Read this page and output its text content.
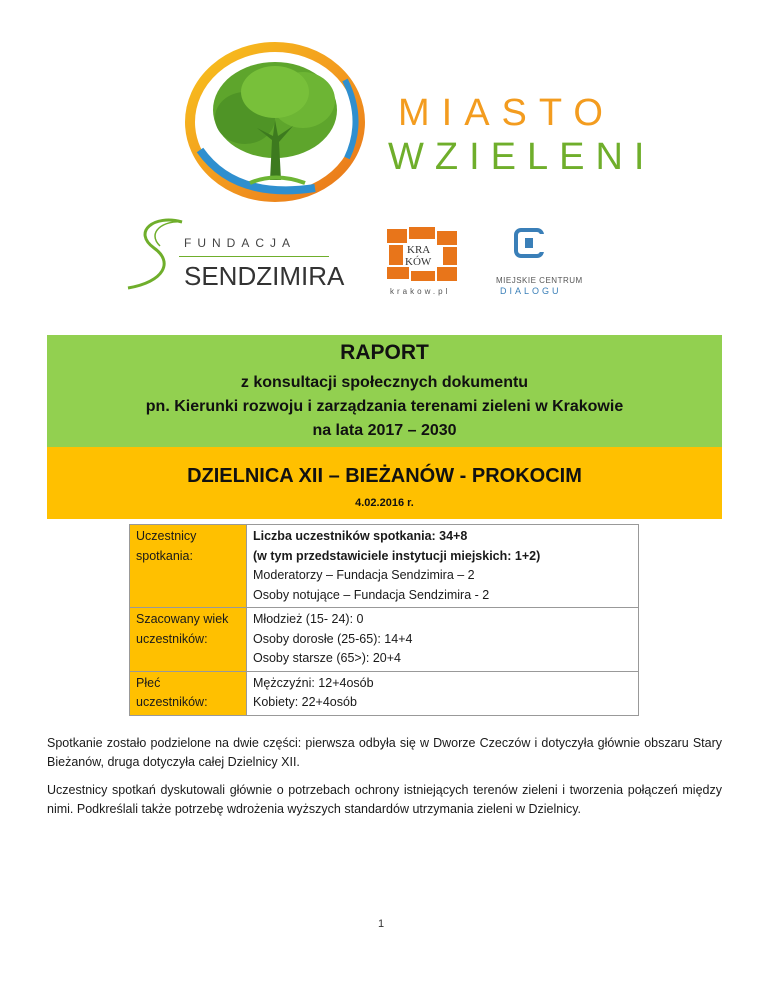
MIASTO
WZIELENI
FUNDACJA
SENDZIMIRA
KRA
KÓW
krakow.pl
MIEJSKIE CENTRUM
DIALOGU
RAPORT
z konsultacji społecznych dokumentu
pn. Kierunki rozwoju i zarządzania terenami zieleni w Krakowie
na lata 2017 – 2030
DZIELNICA XII – BIEŻANÓW - PROKOCIM
4.02.2016 r.
Uczestnicy
spotkania:	Liczba uczestników spotkania: 34+8
(w tym przedstawiciele instytucji miejskich: 1+2)
Moderatorzy – Fundacja Sendzimira – 2
Osoby notujące – Fundacja Sendzimira - 2

Szacowany wiek
uczestników:	Młodzież (15- 24): 0
Osoby dorosłe (25-65): 14+4
Osoby starsze (65>): 20+4

Płeć
uczestników:	Mężczyźni: 12+4osób
Kobiety: 22+4osób

Spotkanie zostało podzielone na dwie części: pierwsza odbyła się w Dworze Czeczów i dotyczyła głównie obszaru Stary Bieżanów, druga dotyczyła całej Dzielnicy XII.

Uczestnicy spotkań dyskutowali głównie o potrzebach ochrony istniejących terenów zieleni i tworzenia połączeń między nimi. Podkreślali także potrzebę wdrożenia wyższych standardów utrzymania zieleni w Dzielnicy.

1
